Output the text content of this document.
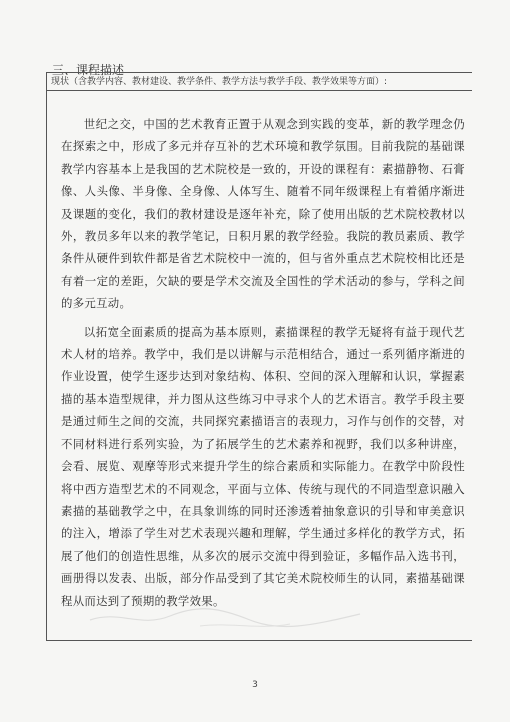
三、课程描述
现状（含教学内容、教材建设、教学条件、教学方法与教学手段、教学效果等方面）:

世纪之交，中国的艺术教育正置于从观念到实践的变革，新的教学理念仍在探索之中，形成了多元并存互补的艺术环境和教学氛围。目前我院的基础课教学内容基本上是我国的艺术院校是一致的，开设的课程有：素描静物、石膏像、人头像、半身像、全身像、人体写生、随着不同年级课程上有着循序渐进及课题的变化，我们的教材建设是逐年补充，除了使用出版的艺术院校教材以外，教员多年以来的教学笔记，日积月累的教学经验。我院的教员素质、教学条件从硬件到软件都是省艺术院校中一流的，但与省外重点艺术院校相比还是有着一定的差距，欠缺的要是学术交流及全国性的学术活动的参与，学科之间的多元互动。

以拓宽全面素质的提高为基本原则，素描课程的教学无疑将有益于现代艺术人材的培养。教学中，我们是以讲解与示范相结合，通过一系列循序渐进的作业设置，使学生逐步达到对象结构、体积、空间的深入理解和认识，掌握素描的基本造型规律，并力图从这些练习中寻求个人的艺术语言。教学手段主要是通过师生之间的交流，共同探究素描语言的表现力，习作与创作的交替，对不同材料进行系列实验，为了拓展学生的艺术素养和视野，我们以多种讲座，会看、展览、观摩等形式来提升学生的综合素质和实际能力。在教学中阶段性将中西方造型艺术的不同观念，平面与立体、传统与现代的不同造型意识融入素描的基础教学之中，在具象训练的同时还渗透着抽象意识的引导和审美意识的注入，增添了学生对艺术表现兴趣和理解，学生通过多样化的教学方式，拓展了他们的创造性思维，从多次的展示交流中得到验证，多幅作品入选书刊，画册得以发表、出版，部分作品受到了其它美术院校师生的认同，素描基础课程从而达到了预期的教学效果。

3
